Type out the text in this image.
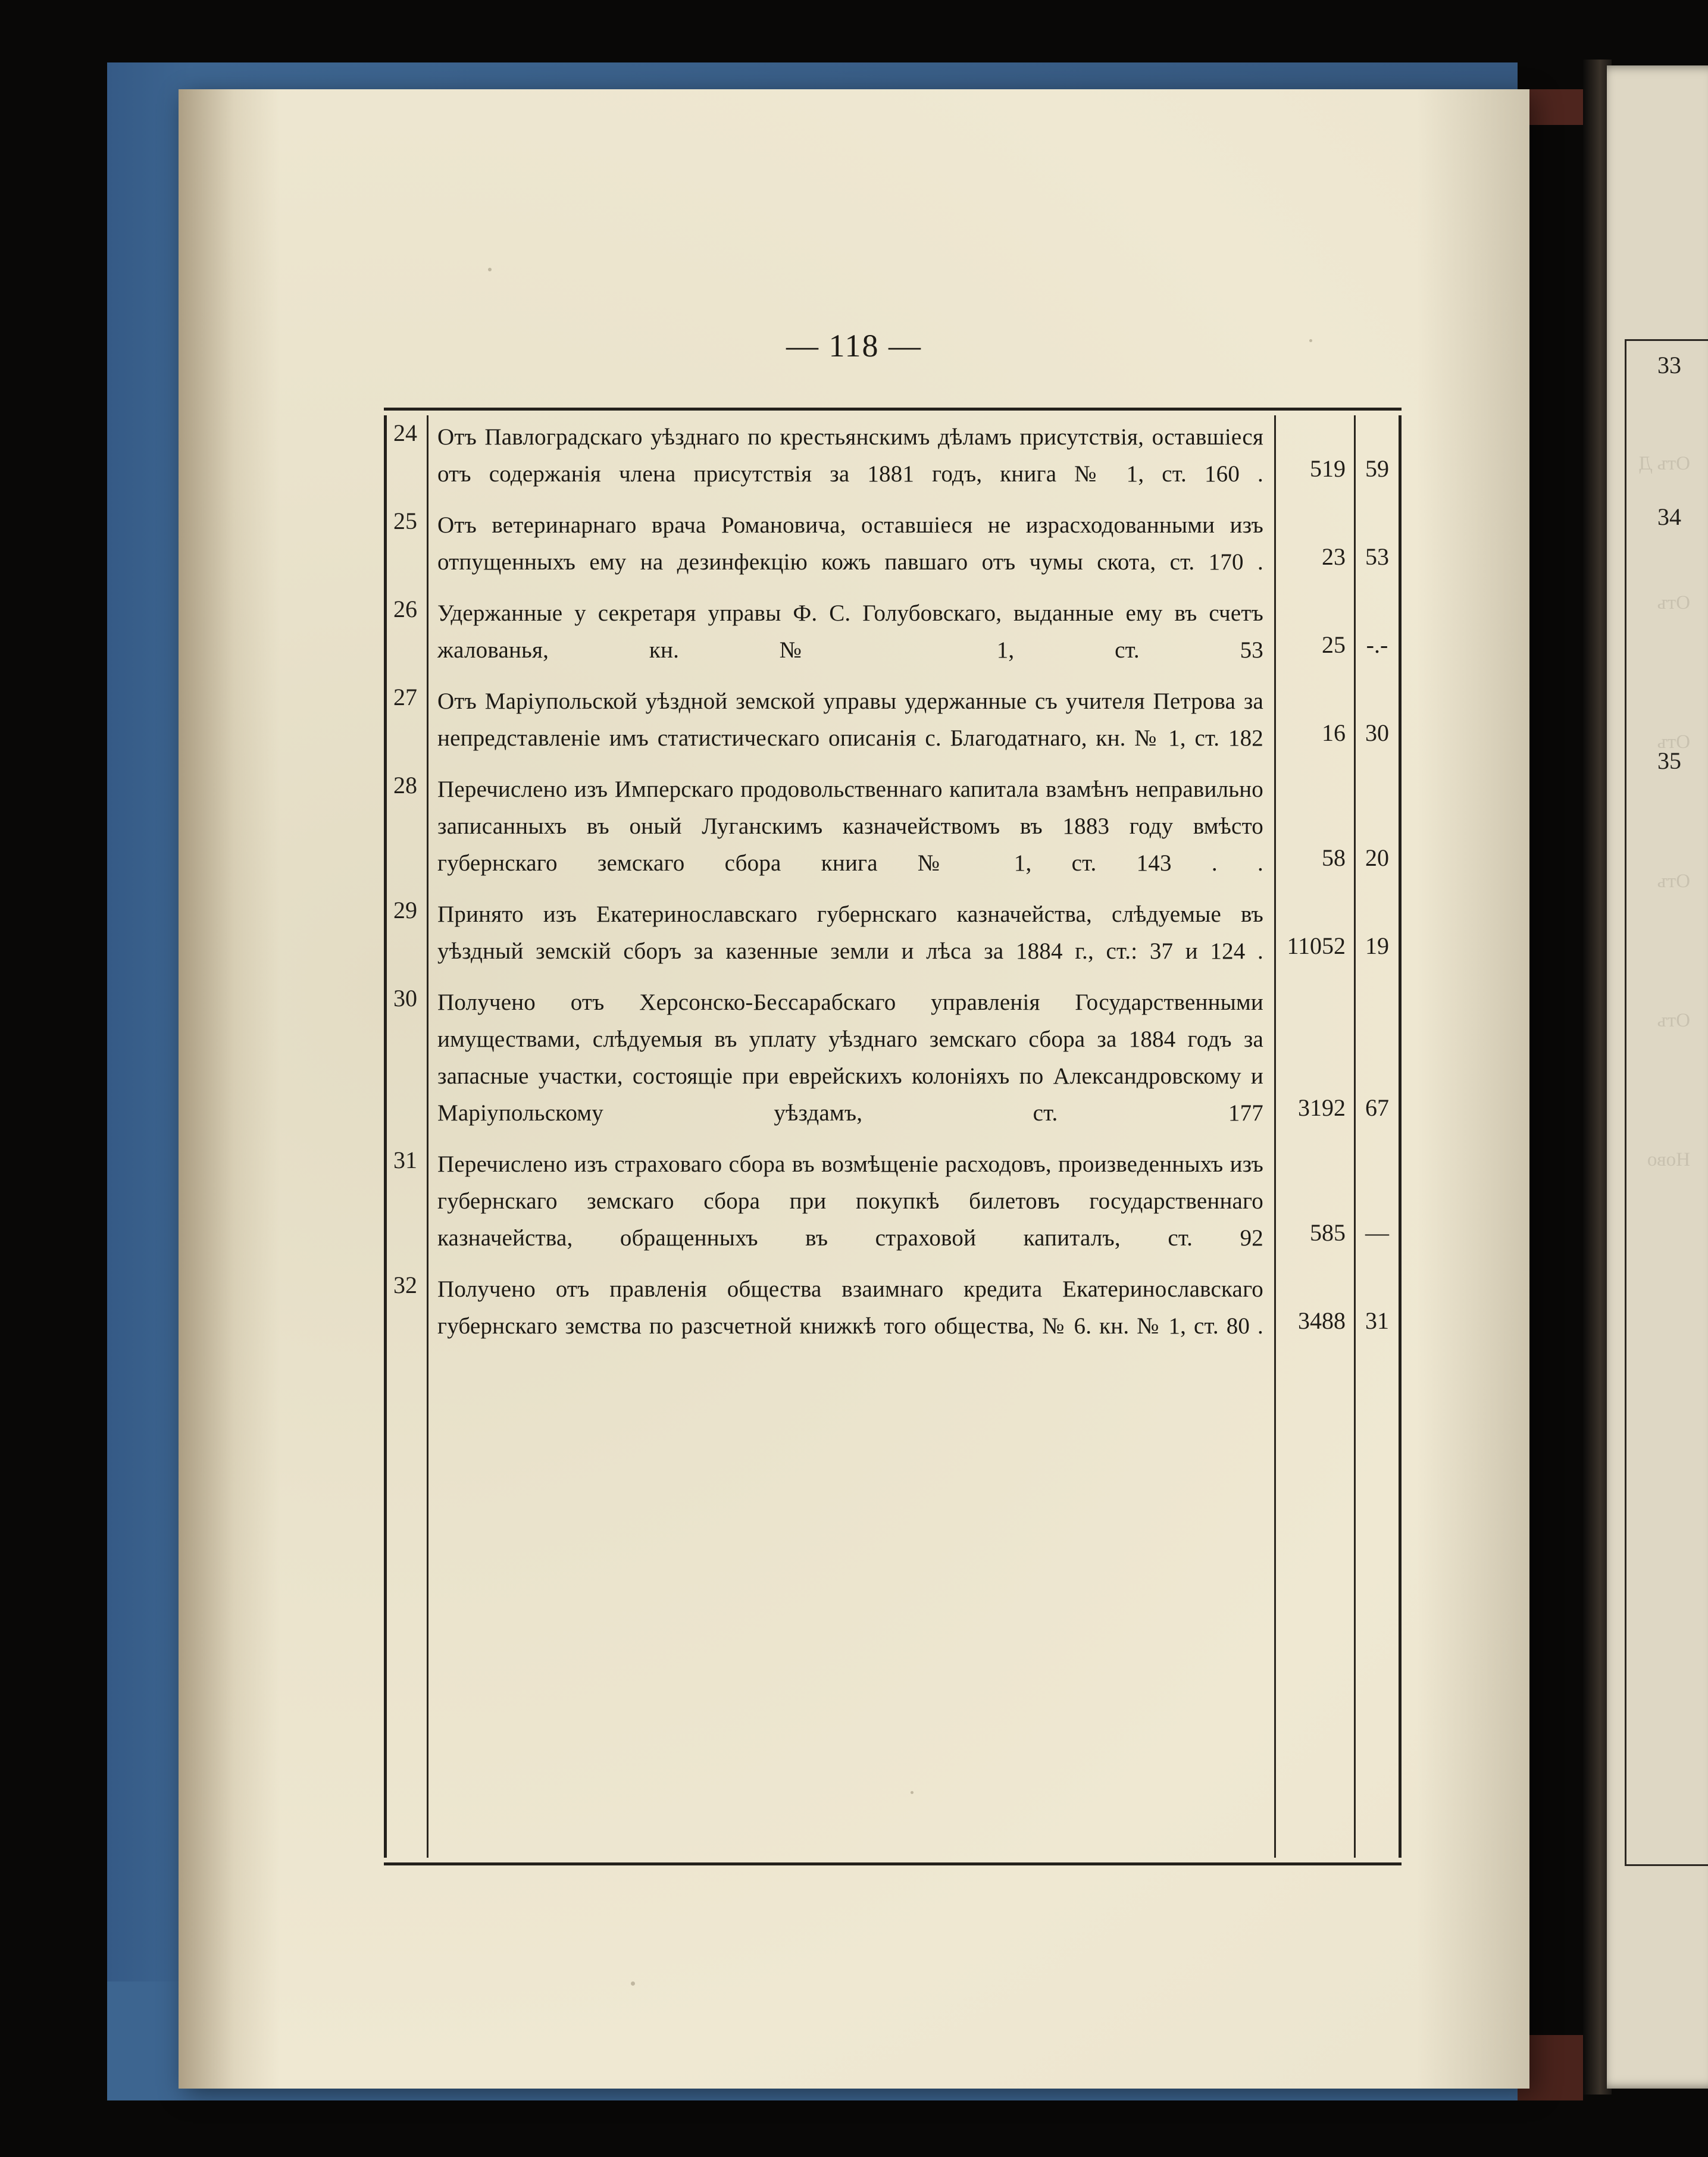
33
34
35
— 118 —
24 Отъ Павлоградскаго уѣзднаго по крестьянскимъ дѣламъ присутствія, оставшіеся отъ содержанія члена присутствія за 1881 годъ, книга № 1, ст. 160 .	519 59
25 Отъ ветеринарнаго врача Романовича, оставшіеся не израсходованными изъ отпущенныхъ ему на дезинфекцію кожъ павшаго отъ чумы скота, ст. 170 .	23 53
26 Удержанные у секретаря управы Ф. С. Голубовскаго, выданные ему въ счетъ жалованья, кн. № 1, ст. 53	25 -.-
27 Отъ Маріупольской уѣздной земской управы удержанные съ учителя Петрова за непредставленіе имъ статистическаго описанія с. Благодатнаго, кн. № 1, ст. 182	16 30
28 Перечислено изъ Имперскаго продовольственнаго капитала взамѣнъ неправильно записанныхъ въ оный Луганскимъ казначействомъ въ 1883 году вмѣсто губернскаго земскаго сбора книга № 1, ст. 143 . .	58 20
29 Принято изъ Екатеринославскаго губернскаго казначейства, слѣдуемые въ уѣздный земскій сборъ за казенные земли и лѣса за 1884 г., ст.: 37 и 124 . 11052 19
30 Получено отъ Херсонско-Бессарабскаго управленія Государственными имуществами, слѣдуемыя въ уплату уѣзднаго земскаго сбора за 1884 годъ за запасные участки, состоящіе при еврейскихъ колоніяхъ по Александровскому и Маріупольскому уѣздамъ, ст. 177	3192 67
31 Перечислено изъ страховаго сбора въ возмѣщеніе расходовъ, произведенныхъ изъ губернскаго земскаго сбора при покупкѣ билетовъ государственнаго казначейства, обращенныхъ въ страховой капиталъ, ст. 92	585 —
32 Получено отъ правленія общества взаимнаго кредита Екатеринославскаго губернскаго земства по разсчетной книжкѣ того общества, № 6. кн. № 1, ст. 80 .	3488 31
